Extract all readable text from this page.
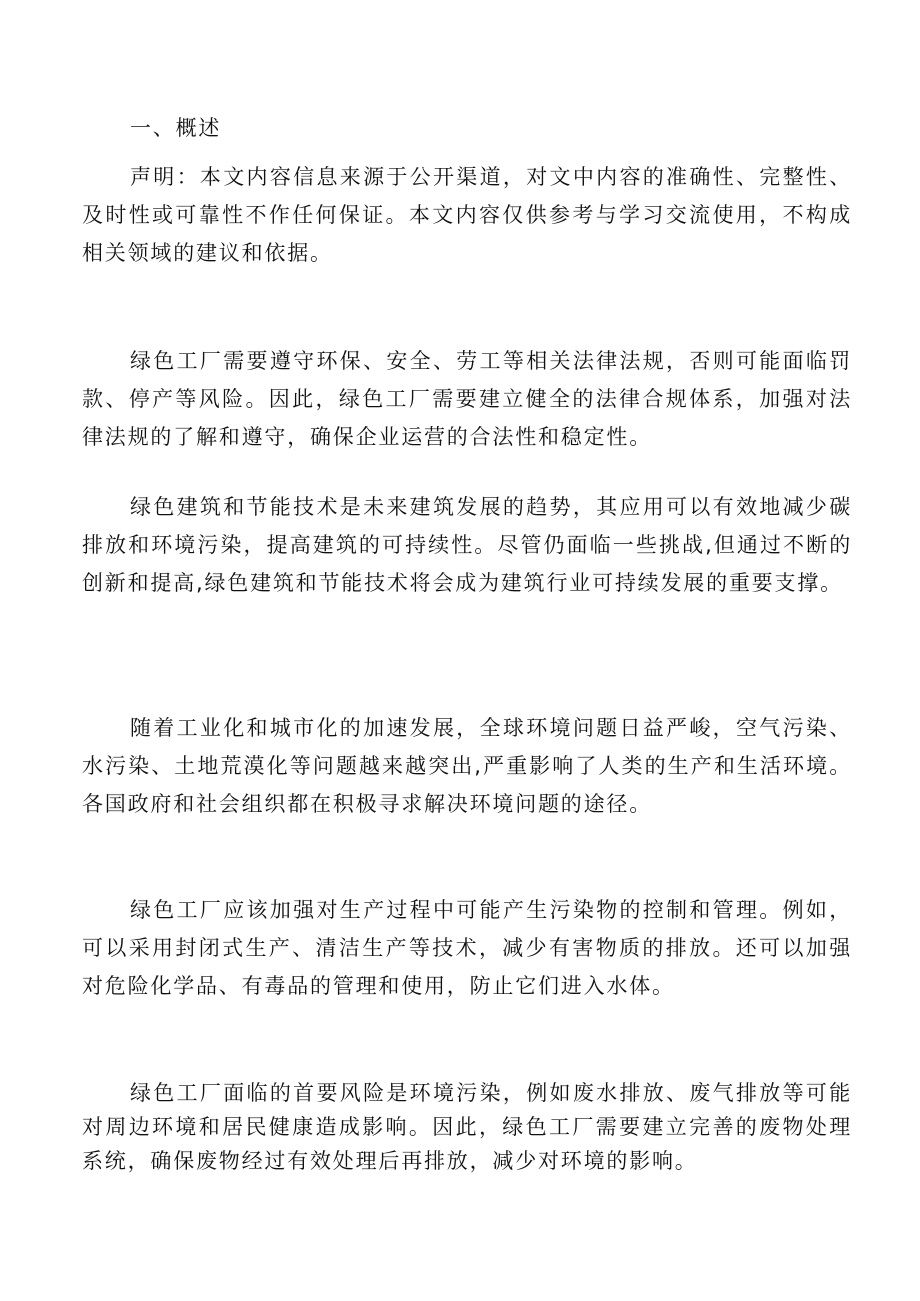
一、概述

声明：本文内容信息来源于公开渠道，对文中内容的准确性、完整性、及时性或可靠性不作任何保证。本文内容仅供参考与学习交流使用，不构成相关领域的建议和依据。

绿色工厂需要遵守环保、安全、劳工等相关法律法规，否则可能面临罚款、停产等风险。因此，绿色工厂需要建立健全的法律合规体系，加强对法律法规的了解和遵守，确保企业运营的合法性和稳定性。

绿色建筑和节能技术是未来建筑发展的趋势，其应用可以有效地减少碳排放和环境污染，提高建筑的可持续性。尽管仍面临一些挑战,但通过不断的创新和提高,绿色建筑和节能技术将会成为建筑行业可持续发展的重要支撑。

随着工业化和城市化的加速发展，全球环境问题日益严峻，空气污染、水污染、土地荒漠化等问题越来越突出,严重影响了人类的生产和生活环境。各国政府和社会组织都在积极寻求解决环境问题的途径。

绿色工厂应该加强对生产过程中可能产生污染物的控制和管理。例如，可以采用封闭式生产、清洁生产等技术，减少有害物质的排放。还可以加强对危险化学品、有毒品的管理和使用，防止它们进入水体。

绿色工厂面临的首要风险是环境污染，例如废水排放、废气排放等可能对周边环境和居民健康造成影响。因此，绿色工厂需要建立完善的废物处理系统，确保废物经过有效处理后再排放，减少对环境的影响。
